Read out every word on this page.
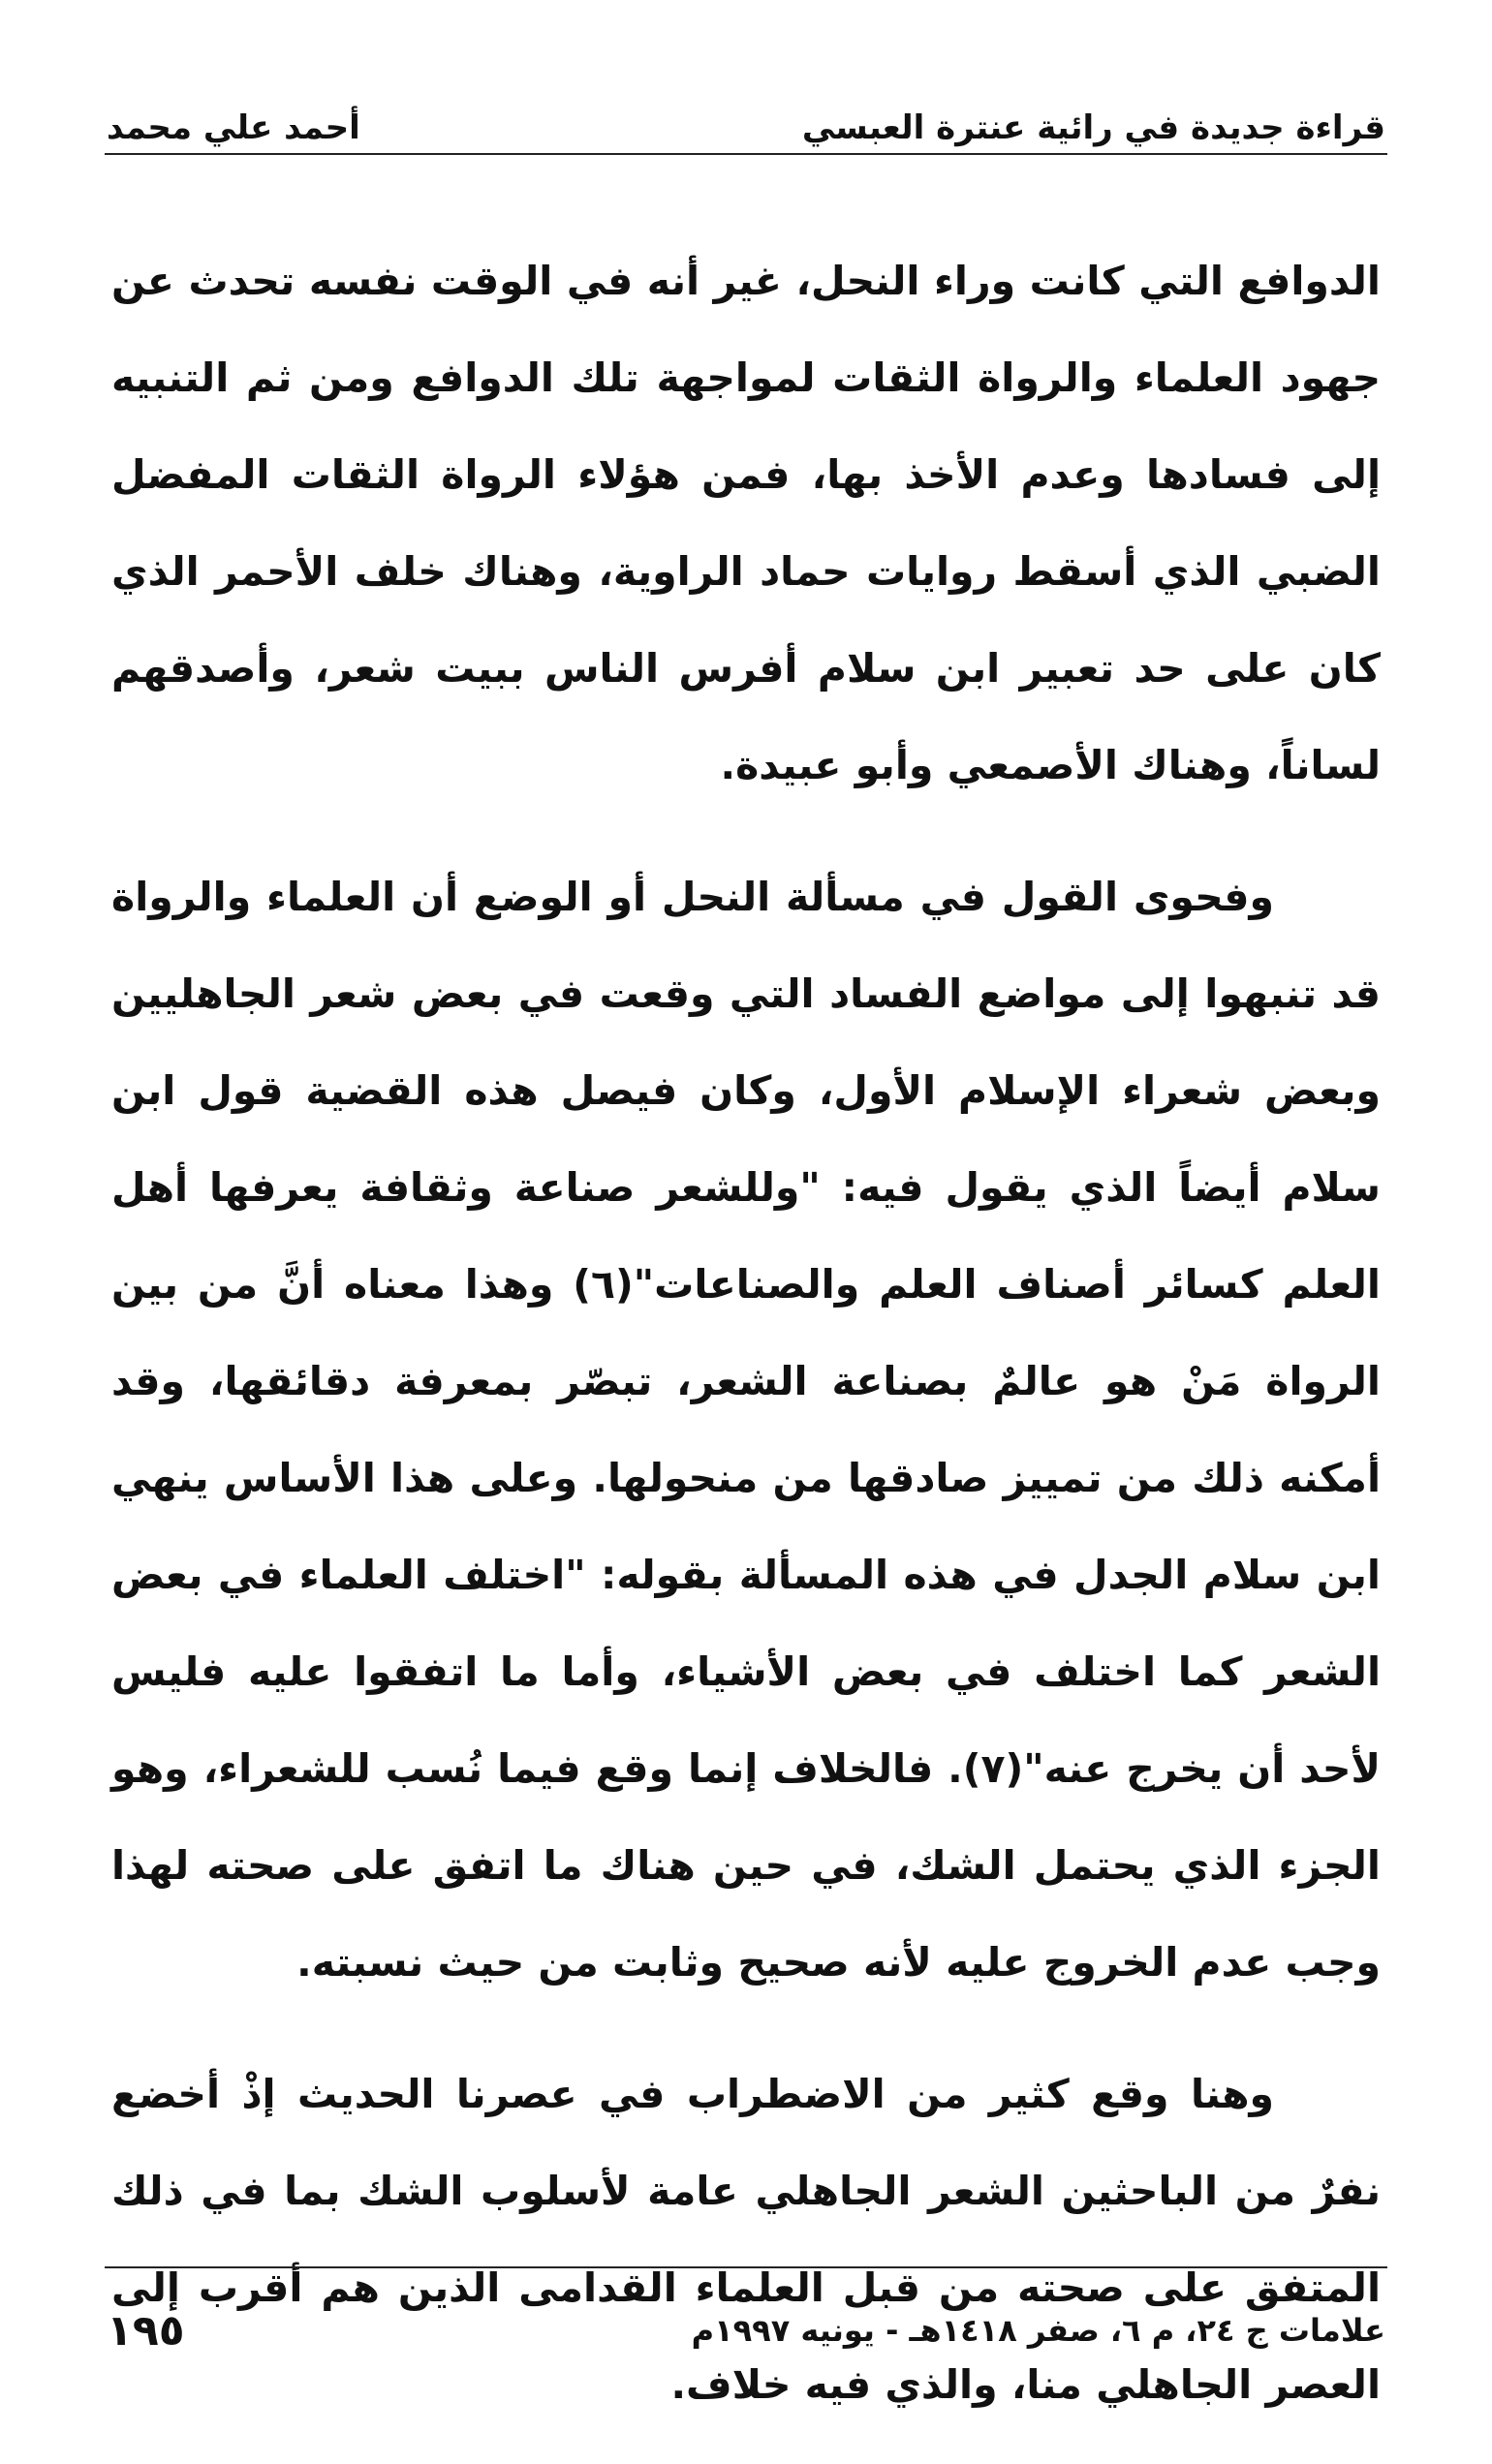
قراءة جديدة في رائية عنترة العبسي
أحمد علي محمد

الدوافع التي كانت وراء النحل، غير أنه في الوقت نفسه تحدث عن جهود العلماء والرواة الثقات لمواجهة تلك الدوافع ومن ثم التنبيه إلى فسادها وعدم الأخذ بها، فمن هؤلاء الرواة الثقات المفضل الضبي الذي أسقط روايات حماد الراوية، وهناك خلف الأحمر الذي كان على حد تعبير ابن سلام أفرس الناس ببيت شعر، وأصدقهم لساناً، وهناك الأصمعي وأبو عبيدة.

وفحوى القول في مسألة النحل أو الوضع أن العلماء والرواة قد تنبهوا إلى مواضع الفساد التي وقعت في بعض شعر الجاهليين وبعض شعراء الإسلام الأول، وكان فيصل هذه القضية قول ابن سلام أيضاً الذي يقول فيه: "وللشعر صناعة وثقافة يعرفها أهل العلم كسائر أصناف العلم والصناعات"(٦) وهذا معناه أنَّ من بين الرواة مَنْ هو عالمٌ بصناعة الشعر، تبصّر بمعرفة دقائقها، وقد أمكنه ذلك من تمييز صادقها من منحولها. وعلى هذا الأساس ينهي ابن سلام الجدل في هذه المسألة بقوله: "اختلف العلماء في بعض الشعر كما اختلف في بعض الأشياء، وأما ما اتفقوا عليه فليس لأحد أن يخرج عنه"(٧). فالخلاف إنما وقع فيما نُسب للشعراء، وهو الجزء الذي يحتمل الشك، في حين هناك ما اتفق على صحته لهذا وجب عدم الخروج عليه لأنه صحيح وثابت من حيث نسبته.

وهنا وقع كثير من الاضطراب في عصرنا الحديث إذْ أخضع نفرٌ من الباحثين الشعر الجاهلي عامة لأسلوب الشك بما في ذلك المتفق على صحته من قبل العلماء القدامى الذين هم أقرب إلى العصر الجاهلي منا، والذي فيه خلاف.

علامات ج ٢٤، م ٦، صفر ١٤١٨هـ - يونيه ١٩٩٧م
١٩٥
